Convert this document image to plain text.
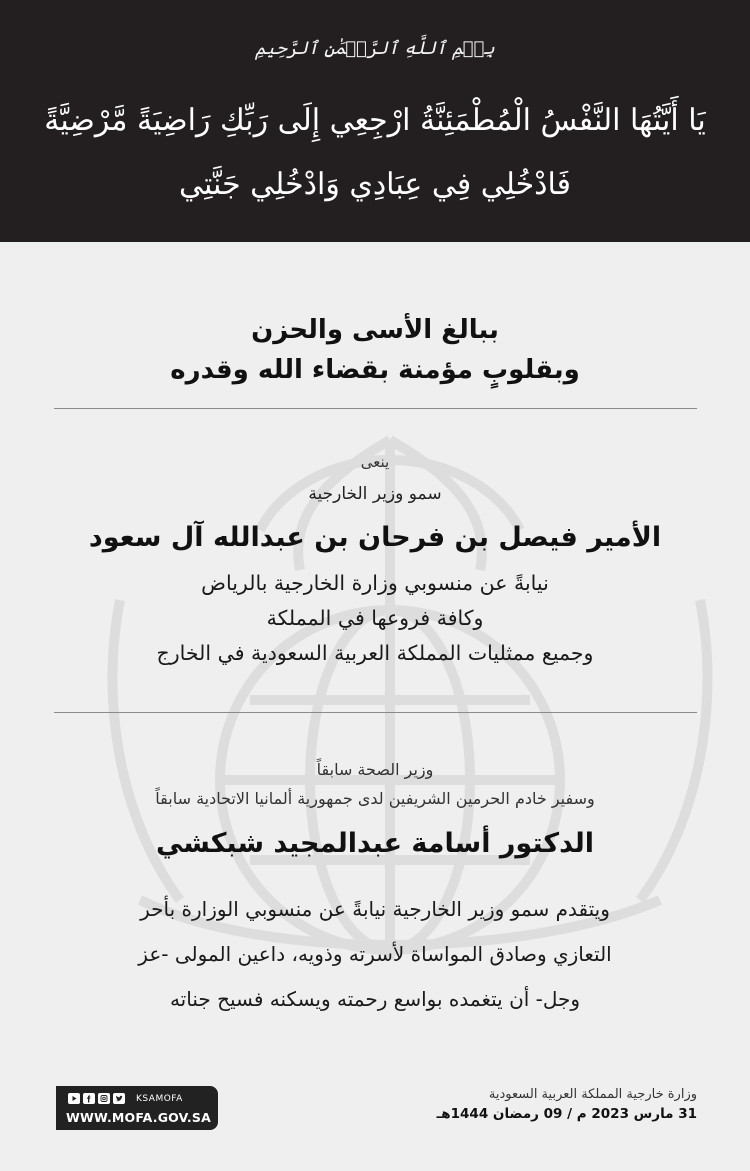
بِسۡمِ ٱللَّهِ ٱلرَّحۡمَٰنِ ٱلرَّحِيمِ
يَا أَيَّتُهَا النَّفْسُ الْمُطْمَئِنَّةُ ارْجِعِي إِلَى رَبِّكِ رَاضِيَةً مَّرْضِيَّةً
فَادْخُلِي فِي عِبَادِي وَادْخُلِي جَنَّتِي
ببالغ الأسى والحزن
وبقلوبٍ مؤمنة بقضاء الله وقدره
ينعى
سمو وزير الخارجية
الأمير فيصل بن فرحان بن عبدالله آل سعود
نيابةً عن منسوبي وزارة الخارجية بالرياض
وكافة فروعها في المملكة
وجميع ممثليات المملكة العربية السعودية في الخارج
وزير الصحة سابقاً
وسفير خادم الحرمين الشريفين لدى جمهورية ألمانيا الاتحادية سابقاً
الدكتور أسامة عبدالمجيد شبكشي
ويتقدم سمو وزير الخارجية نيابةً عن منسوبي الوزارة بأحر
التعازي وصادق المواساة لأسرته وذويه، داعين المولى -عز
وجل- أن يتغمده بواسع رحمته ويسكنه فسيح جناته
وزارة خارجية المملكة العربية السعودية
31 مارس 2023 م / 09 رمضان 1444هـ
KSAMOFA
WWW.MOFA.GOV.SA
